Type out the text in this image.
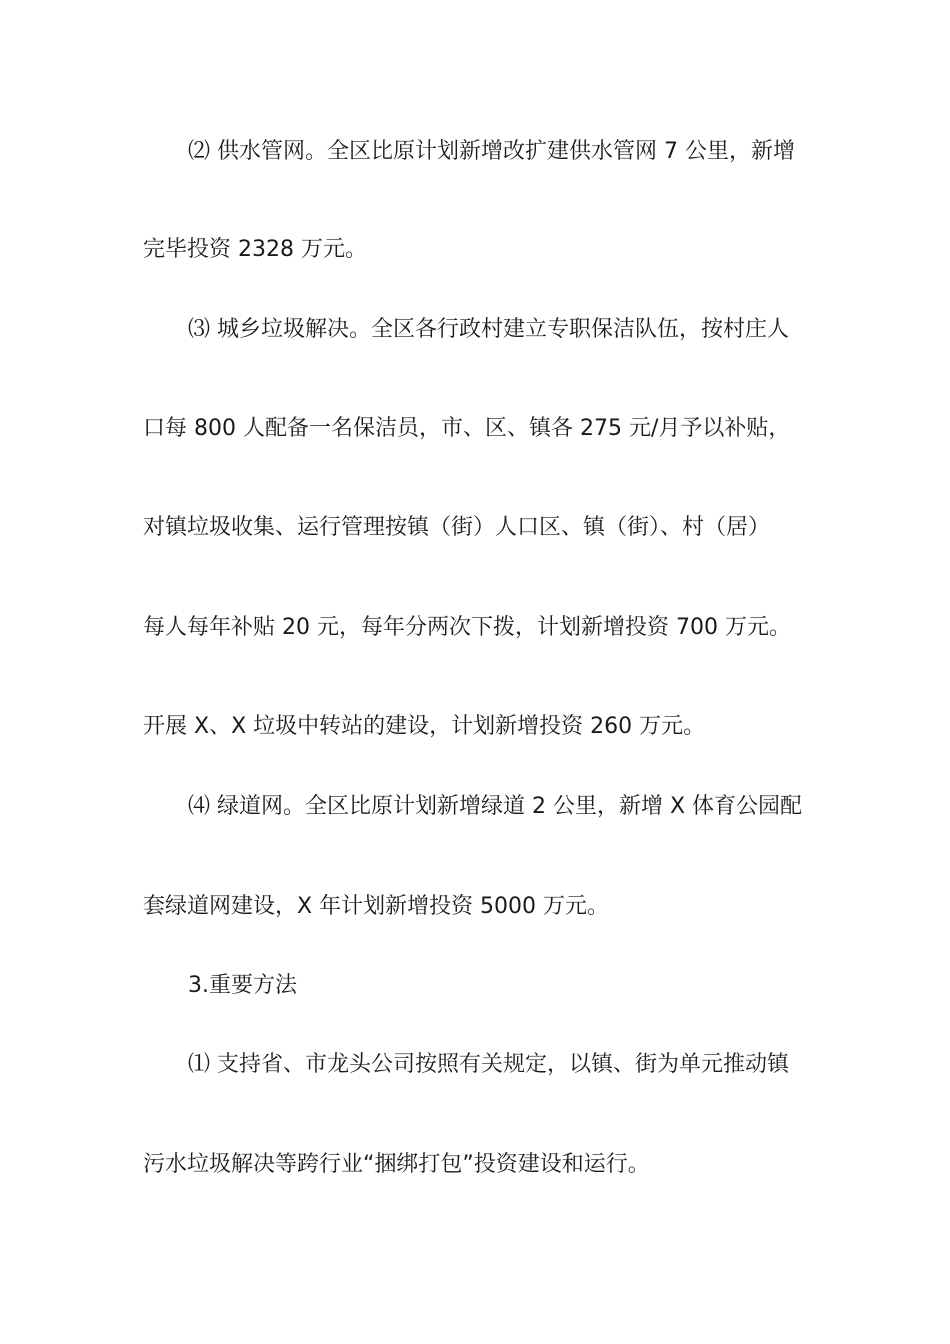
⑵ 供水管网。全区比原计划新增改扩建供水管网 7 公里，新增
完毕投资 2328 万元。
⑶ 城乡垃圾解决。全区各行政村建立专职保洁队伍，按村庄人
口每 800 人配备一名保洁员，市、区、镇各 275 元/月予以补贴，
对镇垃圾收集、运行管理按镇（街）人口区、镇（街）、村（居）
每人每年补贴 20 元，每年分两次下拨，计划新增投资 700 万元。
开展 X、X 垃圾中转站的建设，计划新增投资 260 万元。
⑷ 绿道网。全区比原计划新增绿道 2 公里，新增 X 体育公园配
套绿道网建设，X 年计划新增投资 5000 万元。
3.重要方法
⑴ 支持省、市龙头公司按照有关规定，以镇、街为单元推动镇
污水垃圾解决等跨行业“捆绑打包”投资建设和运行。
